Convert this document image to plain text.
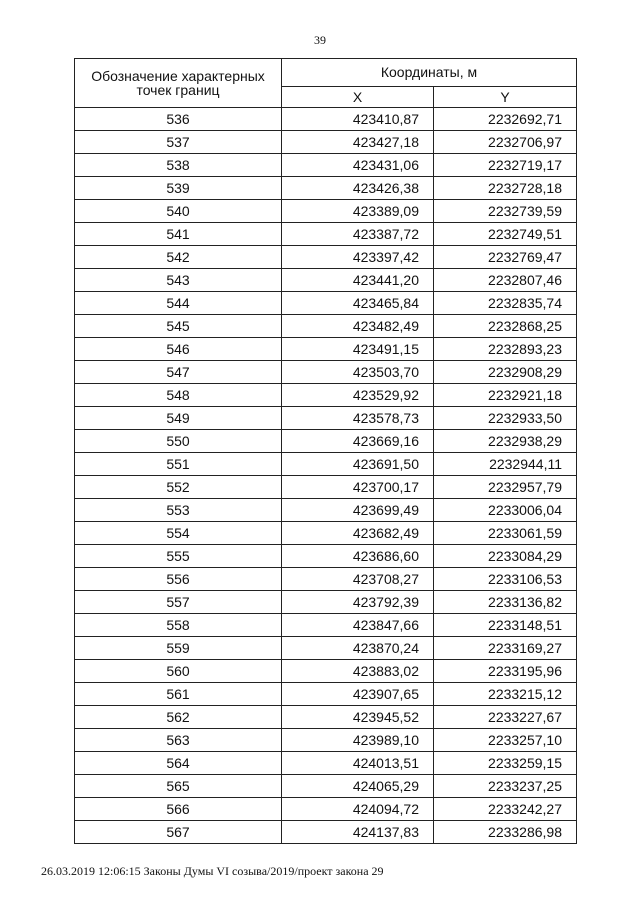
39
Обозначение характерных точек границ	Координаты, м	
	X	Y
536	423410,87	2232692,71
537	423427,18	2232706,97
538	423431,06	2232719,17
539	423426,38	2232728,18
540	423389,09	2232739,59
541	423387,72	2232749,51
542	423397,42	2232769,47
543	423441,20	2232807,46
544	423465,84	2232835,74
545	423482,49	2232868,25
546	423491,15	2232893,23
547	423503,70	2232908,29
548	423529,92	2232921,18
549	423578,73	2232933,50
550	423669,16	2232938,29
551	423691,50	2232944,11
552	423700,17	2232957,79
553	423699,49	2233006,04
554	423682,49	2233061,59
555	423686,60	2233084,29
556	423708,27	2233106,53
557	423792,39	2233136,82
558	423847,66	2233148,51
559	423870,24	2233169,27
560	423883,02	2233195,96
561	423907,65	2233215,12
562	423945,52	2233227,67
563	423989,10	2233257,10
564	424013,51	2233259,15
565	424065,29	2233237,25
566	424094,72	2233242,27
567	424137,83	2233286,98
26.03.2019 12:06:15 Законы Думы VI созыва/2019/проект закона 29
